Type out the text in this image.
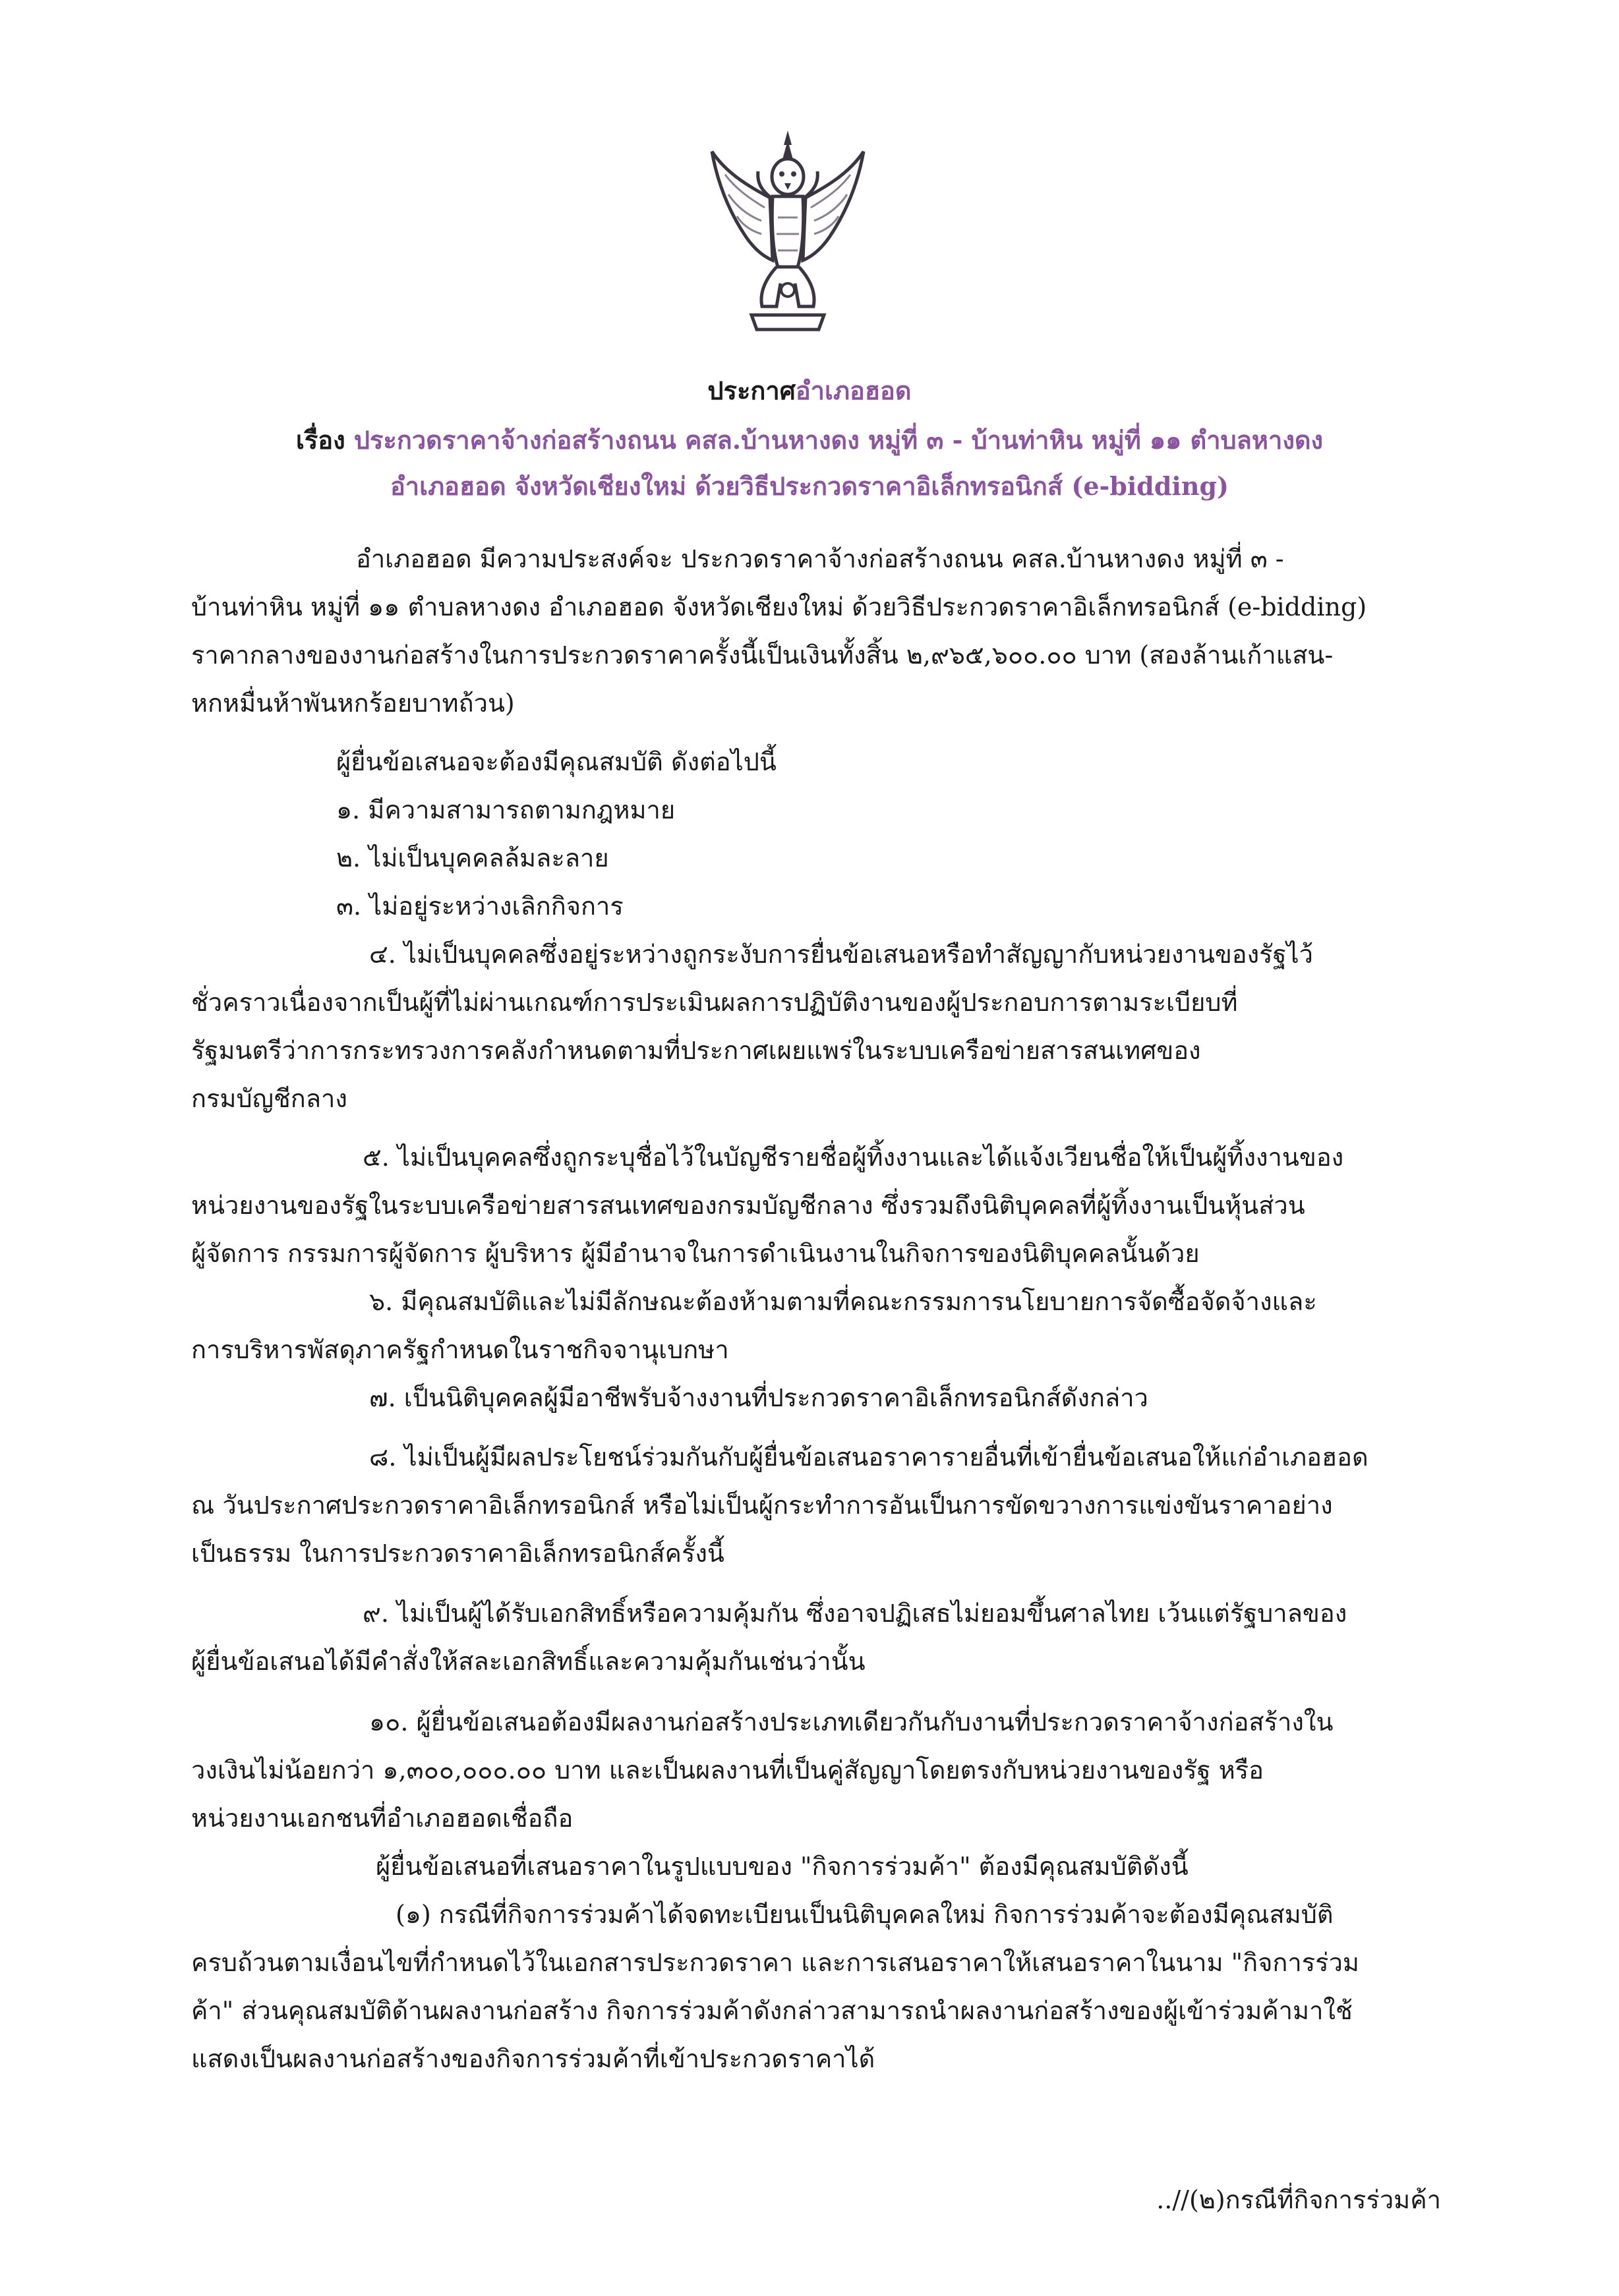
ประกาศอำเภอฮอด
เรื่อง ประกวดราคาจ้างก่อสร้างถนน คสล.บ้านหางดง หมู่ที่ ๓ - บ้านท่าหิน หมู่ที่ ๑๑ ตำบลหางดง
อำเภอฮอด จังหวัดเชียงใหม่ ด้วยวิธีประกวดราคาอิเล็กทรอนิกส์ (e-bidding)
อำเภอฮอด มีความประสงค์จะ ประกวดราคาจ้างก่อสร้างถนน คสล.บ้านหางดง หมู่ที่ ๓ -
บ้านท่าหิน หมู่ที่ ๑๑ ตำบลหางดง อำเภอฮอด จังหวัดเชียงใหม่ ด้วยวิธีประกวดราคาอิเล็กทรอนิกส์ (e-bidding)
ราคากลางของงานก่อสร้างในการประกวดราคาครั้งนี้เป็นเงินทั้งสิ้น ๒,๙๖๕,๖๐๐.๐๐ บาท (สองล้านเก้าแสน-
หกหมื่นห้าพันหกร้อยบาทถ้วน)
ผู้ยื่นข้อเสนอจะต้องมีคุณสมบัติ ดังต่อไปนี้
๑. มีความสามารถตามกฎหมาย
๒. ไม่เป็นบุคคลล้มละลาย
๓. ไม่อยู่ระหว่างเลิกกิจการ
๔. ไม่เป็นบุคคลซึ่งอยู่ระหว่างถูกระงับการยื่นข้อเสนอหรือทำสัญญากับหน่วยงานของรัฐไว้
ชั่วคราวเนื่องจากเป็นผู้ที่ไม่ผ่านเกณฑ์การประเมินผลการปฏิบัติงานของผู้ประกอบการตามระเบียบที่
รัฐมนตรีว่าการกระทรวงการคลังกำหนดตามที่ประกาศเผยแพร่ในระบบเครือข่ายสารสนเทศของ
กรมบัญชีกลาง
๕. ไม่เป็นบุคคลซึ่งถูกระบุชื่อไว้ในบัญชีรายชื่อผู้ทิ้งงานและได้แจ้งเวียนชื่อให้เป็นผู้ทิ้งงานของ
หน่วยงานของรัฐในระบบเครือข่ายสารสนเทศของกรมบัญชีกลาง ซึ่งรวมถึงนิติบุคคลที่ผู้ทิ้งงานเป็นหุ้นส่วน
ผู้จัดการ กรรมการผู้จัดการ ผู้บริหาร ผู้มีอำนาจในการดำเนินงานในกิจการของนิติบุคคลนั้นด้วย
๖. มีคุณสมบัติและไม่มีลักษณะต้องห้ามตามที่คณะกรรมการนโยบายการจัดซื้อจัดจ้างและ
การบริหารพัสดุภาครัฐกำหนดในราชกิจจานุเบกษา
๗. เป็นนิติบุคคลผู้มีอาชีพรับจ้างงานที่ประกวดราคาอิเล็กทรอนิกส์ดังกล่าว
๘. ไม่เป็นผู้มีผลประโยชน์ร่วมกันกับผู้ยื่นข้อเสนอราคารายอื่นที่เข้ายื่นข้อเสนอให้แก่อำเภอฮอด
ณ วันประกาศประกวดราคาอิเล็กทรอนิกส์ หรือไม่เป็นผู้กระทำการอันเป็นการขัดขวางการแข่งขันราคาอย่าง
เป็นธรรม ในการประกวดราคาอิเล็กทรอนิกส์ครั้งนี้
๙. ไม่เป็นผู้ได้รับเอกสิทธิ์หรือความคุ้มกัน ซึ่งอาจปฏิเสธไม่ยอมขึ้นศาลไทย เว้นแต่รัฐบาลของ
ผู้ยื่นข้อเสนอได้มีคำสั่งให้สละเอกสิทธิ์และความคุ้มกันเช่นว่านั้น
๑๐. ผู้ยื่นข้อเสนอต้องมีผลงานก่อสร้างประเภทเดียวกันกับงานที่ประกวดราคาจ้างก่อสร้างใน
วงเงินไม่น้อยกว่า ๑,๓๐๐,๐๐๐.๐๐ บาท และเป็นผลงานที่เป็นคู่สัญญาโดยตรงกับหน่วยงานของรัฐ หรือ
หน่วยงานเอกชนที่อำเภอฮอดเชื่อถือ
ผู้ยื่นข้อเสนอที่เสนอราคาในรูปแบบของ "กิจการร่วมค้า" ต้องมีคุณสมบัติดังนี้
(๑) กรณีที่กิจการร่วมค้าได้จดทะเบียนเป็นนิติบุคคลใหม่ กิจการร่วมค้าจะต้องมีคุณสมบัติ
ครบถ้วนตามเงื่อนไขที่กำหนดไว้ในเอกสารประกวดราคา และการเสนอราคาให้เสนอราคาในนาม "กิจการร่วม
ค้า" ส่วนคุณสมบัติด้านผลงานก่อสร้าง กิจการร่วมค้าดังกล่าวสามารถนำผลงานก่อสร้างของผู้เข้าร่วมค้ามาใช้
แสดงเป็นผลงานก่อสร้างของกิจการร่วมค้าที่เข้าประกวดราคาได้
..//(๒)กรณีที่กิจการร่วมค้า
